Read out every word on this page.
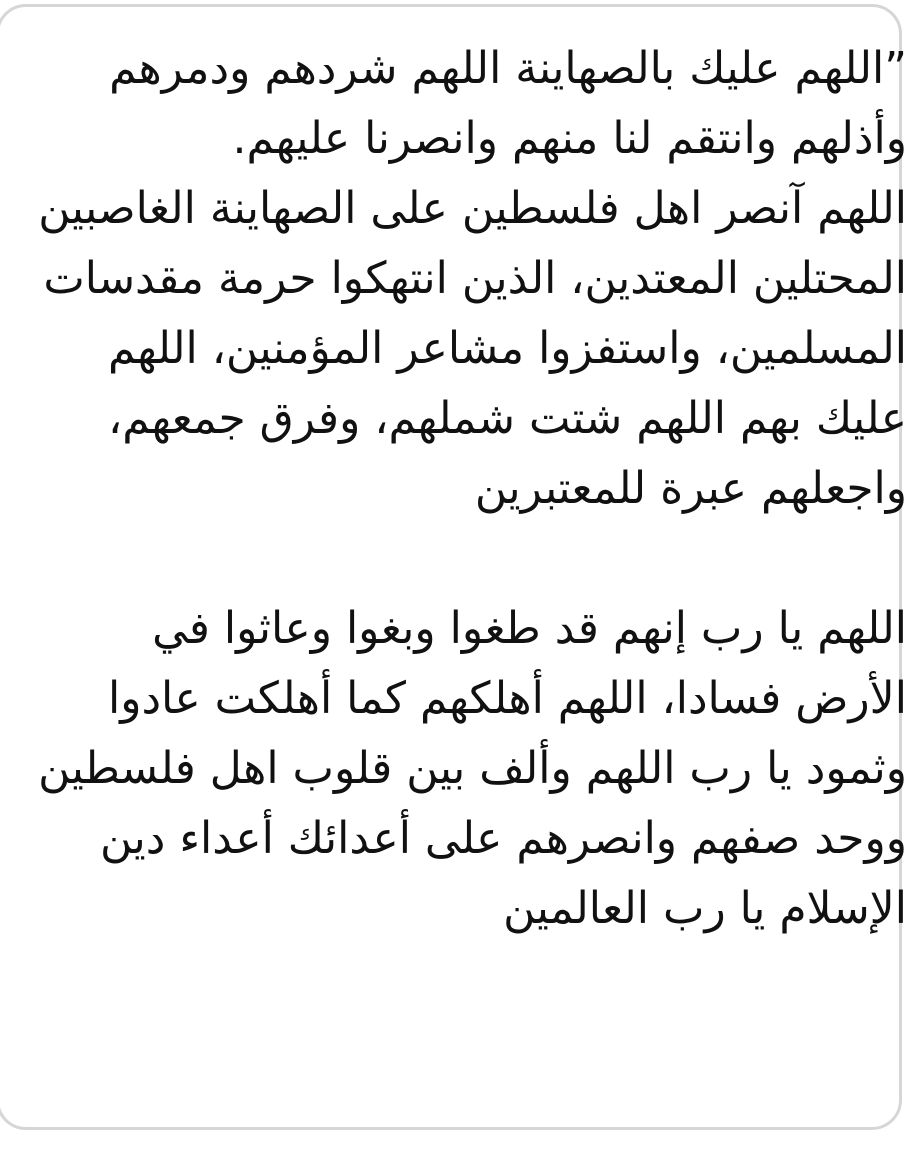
”اللهم عليك بالصهاينة اللهم شردهم ودمرهم وأذلهم وانتقم لنا منهم وانصرنا عليهم.
اللهم آنصر اهل فلسطين على الصهاينة الغاصبين المحتلين المعتدين، الذين انتهكوا حرمة مقدسات المسلمين، واستفزوا مشاعر المؤمنين، اللهم عليك بهم اللهم شتت شملهم، وفرق جمعهم، واجعلهم عبرة للمعتبرين
اللهم يا رب إنهم قد طغوا وبغوا وعاثوا في الأرض فسادا، اللهم أهلكهم كما أهلكت عادوا وثمود يا رب اللهم وألف بين قلوب اهل فلسطين ووحد صفهم وانصرهم على أعدائك أعداء دين الإسلام يا رب العالمين
